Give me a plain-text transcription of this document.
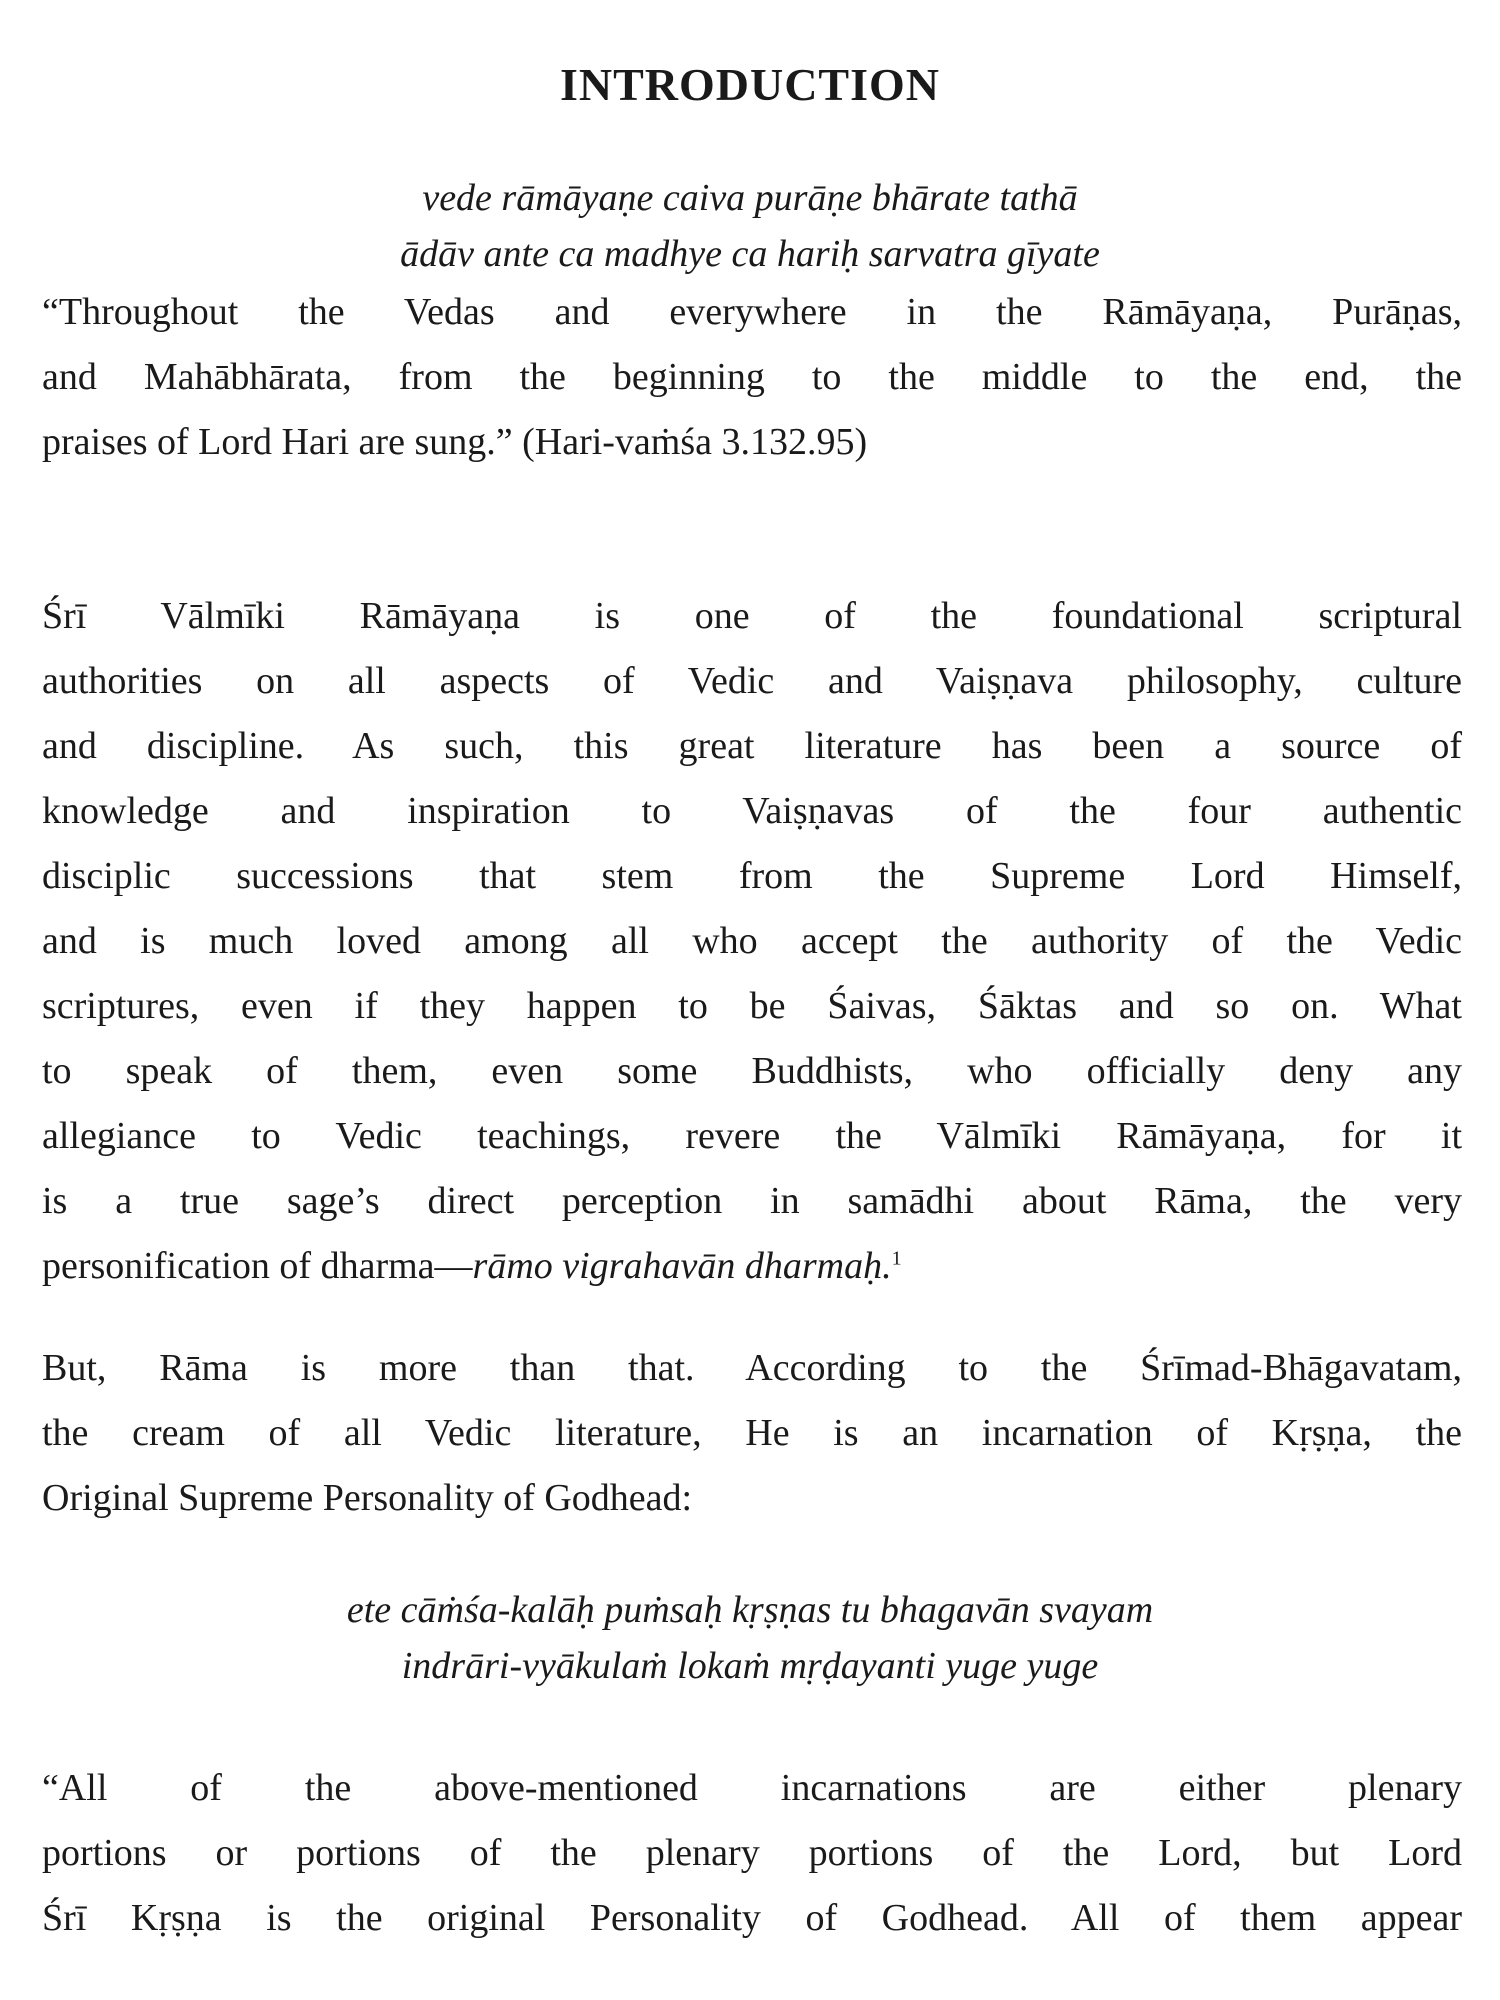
INTRODUCTION
vede rāmāyaṇe caiva purāṇe bhārate tathā
ādāv ante ca madhye ca hariḥ sarvatra gīyate
“Throughout the Vedas and everywhere in the Rāmāyaṇa, Purāṇas,
and Mahābhārata, from the beginning to the middle to the end, the
praises of Lord Hari are sung.” (Hari-vaṁśa 3.132.95)
Śrī Vālmīki Rāmāyaṇa is one of the foundational scriptural
authorities on all aspects of Vedic and Vaiṣṇava philosophy, culture
and discipline. As such, this great literature has been a source of
knowledge and inspiration to Vaiṣṇavas of the four authentic
disciplic successions that stem from the Supreme Lord Himself,
and is much loved among all who accept the authority of the Vedic
scriptures, even if they happen to be Śaivas, Śāktas and so on. What
to speak of them, even some Buddhists, who officially deny any
allegiance to Vedic teachings, revere the Vālmīki Rāmāyaṇa, for it
is a true sage’s direct perception in samādhi about Rāma, the very
personification of dharma—rāmo vigrahavān dharmaḥ.$^1$
But, Rāma is more than that. According to the Śrīmad-Bhāgavatam,
the cream of all Vedic literature, He is an incarnation of Kṛṣṇa, the
Original Supreme Personality of Godhead:
ete cāṁśa-kalāḥ puṁsaḥ kṛṣṇas tu bhagavān svayam
indrāri-vyākulaṁ lokaṁ mṛḍayanti yuge yuge
“All of the above-mentioned incarnations are either plenary
portions or portions of the plenary portions of the Lord, but Lord
Śrī Kṛṣṇa is the original Personality of Godhead. All of them appear
